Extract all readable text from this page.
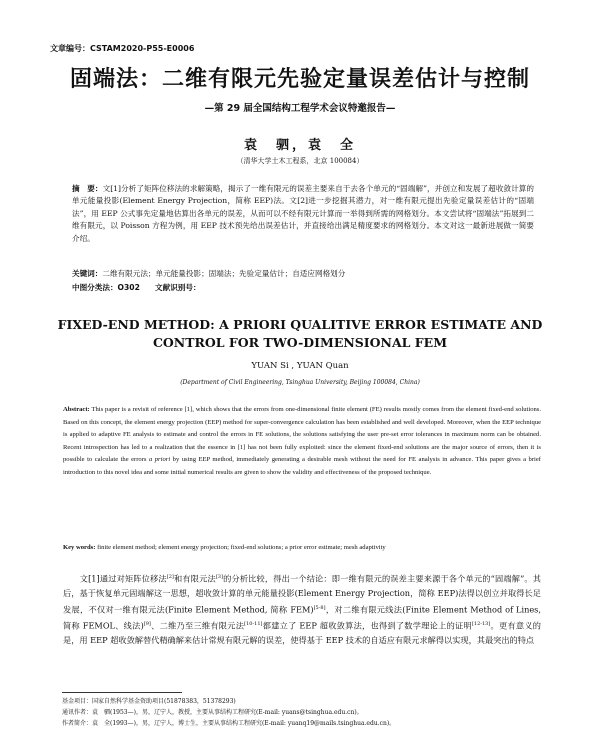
文章编号：CSTAM2020-P55-E0006
固端法：二维有限元先验定量误差估计与控制
—第 29 届全国结构工程学术会议特邀报告—
袁　驷，袁　全
（清华大学土木工程系，北京 100084）
摘　要：文[1]分析了矩阵位移法的求解策略，揭示了一维有限元的误差主要来自于去各个单元的“固端解”，并创立和发展了超收敛计算的单元能量投影(Element Energy Projection，简称 EEP)法。文[2]进一步挖掘其潜力，对一维有限元提出先验定量误差估计的“固端法”，用 EEP 公式事先定量地估算出各单元的误差，从而可以不经有限元计算而一举得到所需的网格划分。本文尝试将“固端法”拓展到二维有限元，以 Poisson 方程为例，用 EEP 技术预先给出误差估计，并直接给出满足精度要求的网格划分。本文对这一最新进展做一简要介绍。
关键词：二维有限元法；单元能量投影；固端法；先验定量估计；自适应网格划分
中图分类法：O302　　文献识别号：
FIXED-END METHOD: A PRIORI QUALITIVE ERROR ESTIMATE AND
CONTROL FOR TWO-DIMENSIONAL FEM
YUAN Si , YUAN Quan
(Department of Civil Engineering, Tsinghua University, Beijing 100084, China)
Abstract: This paper is a revisit of reference [1], which shows that the errors from one-dimensional finite element (FE) results mostly comes from the element fixed-end solutions. Based on this concept, the element energy projection (EEP) method for super-convergence calculation has been established and well developed. Moreover, when the EEP technique is applied to adaptive FE analysis to estimate and control the errors in FE solutions, the solutions satisfying the user pre-set error tolerances in maximum norm can be obtained. Recent introspection has led to a realization that the essence in [1] has not been fully exploited: since the element fixed-end solutions are the major source of errors, then it is possible to calculate the errors a priori by using EEP method, immediately generating a desirable mesh without the need for FE analysis in advance. This paper gives a brief introduction to this novel idea and some initial numerical results are given to show the validity and effectiveness of the proposed technique.
Key words: finite element method; element energy projection; fixed-end solutions; a prior error estimate; mesh adaptivity
　　文[1]通过对矩阵位移法[2]和有限元法[3]的分析比较，得出一个结论：即一维有限元的误差主要来源于各个单元的“固端解”。其后，基于恢复单元固端解这一思想，超收敛计算的单元能量投影(Element Energy Projection，简称 EEP)法得以创立并取得长足发展，不仅对一维有限元法(Finite Element Method, 简称 FEM)[5-8]，对二维有限元线法(Finite Element Method of Lines, 简称 FEMOL、线法)[9]、二维乃至三维有限元法[10-11]都建立了 EEP 超收敛算法，也得到了数学理论上的证明[12-13]。更有意义的是，用 EEP 超收敛解替代精确解来估计常规有限元解的误差，使得基于 EEP 技术的自适应有限元求解得以实现，其最突出的特点
基金项目：国家自然科学基金资助项目(51878383，51378293)
通讯作者：袁　驷(1953—)，男，辽宁人，教授，主要从事结构工程研究(E-mail: yuans@tsinghua.edu.cn)。
作者简介：袁　全(1993—)，男，辽宁人，博士生，主要从事结构工程研究(E-mail: yuanq19@mails.tsinghua.edu.cn)。
